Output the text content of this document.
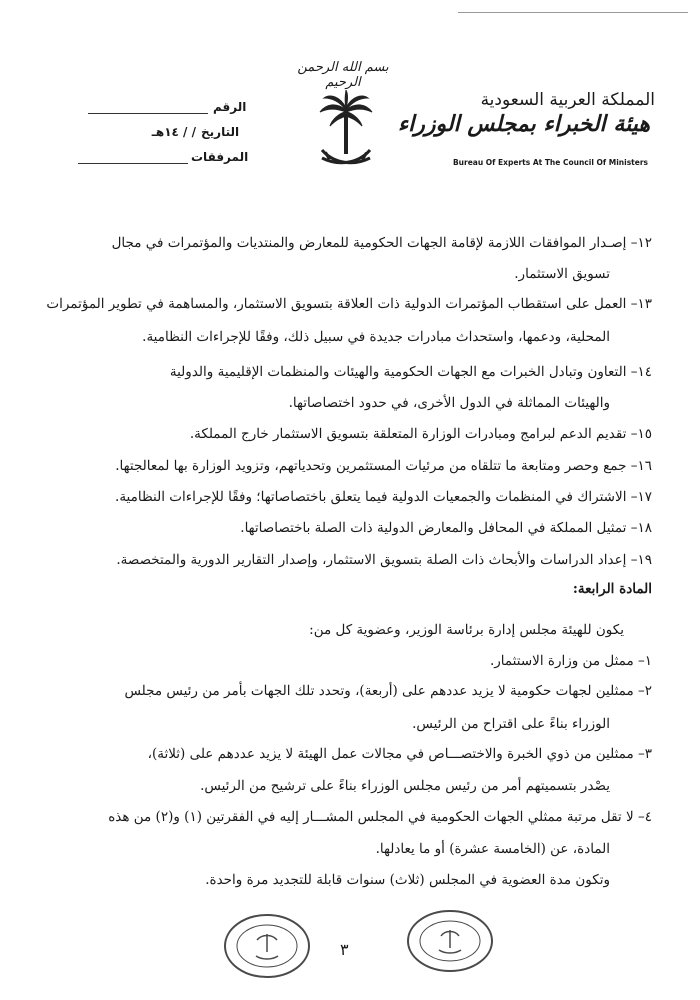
المملكة العربية السعودية
هيئة الخبراء بمجلس الوزراء
Bureau Of Experts At The Council Of Ministers
بسم الله الرحمن الرحيم
الرقم
التاريخ
/ / ١٤هـ
المرفقات
١٢– إصـدار الموافقات اللازمة لإقامة الجهات الحكومية للمعارض والمنتديات والمؤتمرات في مجال
تسويق الاستثمار.
١٣– العمل على استقطاب المؤتمرات الدولية ذات العلاقة بتسويق الاستثمار، والمساهمة في تطوير المؤتمرات
المحلية، ودعمها، واستحداث مبادرات جديدة في سبيل ذلك، وفقًا للإجراءات النظامية.
١٤– التعاون وتبادل الخبرات مع الجهات الحكومية والهيئات والمنظمات الإقليمية والدولية
والهيئات المماثلة في الدول الأخرى، في حدود اختصاصاتها.
١٥– تقديم الدعم لبرامج ومبادرات الوزارة المتعلقة بتسويق الاستثمار خارج المملكة.
١٦– جمع وحصر ومتابعة ما تتلقاه من مرئيات المستثمرين وتحدياتهم، وتزويد الوزارة بها لمعالجتها.
١٧– الاشتراك في المنظمات والجمعيات الدولية فيما يتعلق باختصاصاتها؛ وفقًا للإجراءات النظامية.
١٨– تمثيل المملكة في المحافل والمعارض الدولية ذات الصلة باختصاصاتها.
١٩– إعداد الدراسات والأبحاث ذات الصلة بتسويق الاستثمار، وإصدار التقارير الدورية والمتخصصة.
المادة الرابعة:
يكون للهيئة مجلس إدارة برئاسة الوزير، وعضوية كل من:
١– ممثل من وزارة الاستثمار.
٢– ممثلين لجهات حكومية لا يزيد عددهم على (أربعة)، وتحدد تلك الجهات بأمر من رئيس مجلس
الوزراء بناءً على اقتراح من الرئيس.
٣– ممثلين من ذوي الخبرة والاختصـــاص في مجالات عمل الهيئة لا يزيد عددهم على (ثلاثة)،
يصْدر بتسميتهم أمر من رئيس مجلس الوزراء بناءً على ترشيح من الرئيس.
٤– لا تقل مرتبة ممثلي الجهات الحكومية في المجلس المشـــار إليه في الفقرتين (١) و(٢) من هذه
المادة، عن (الخامسة عشرة) أو ما يعادلها.
وتكون مدة العضوية في المجلس (ثلاث) سنوات قابلة للتجديد مرة واحدة.
٣
